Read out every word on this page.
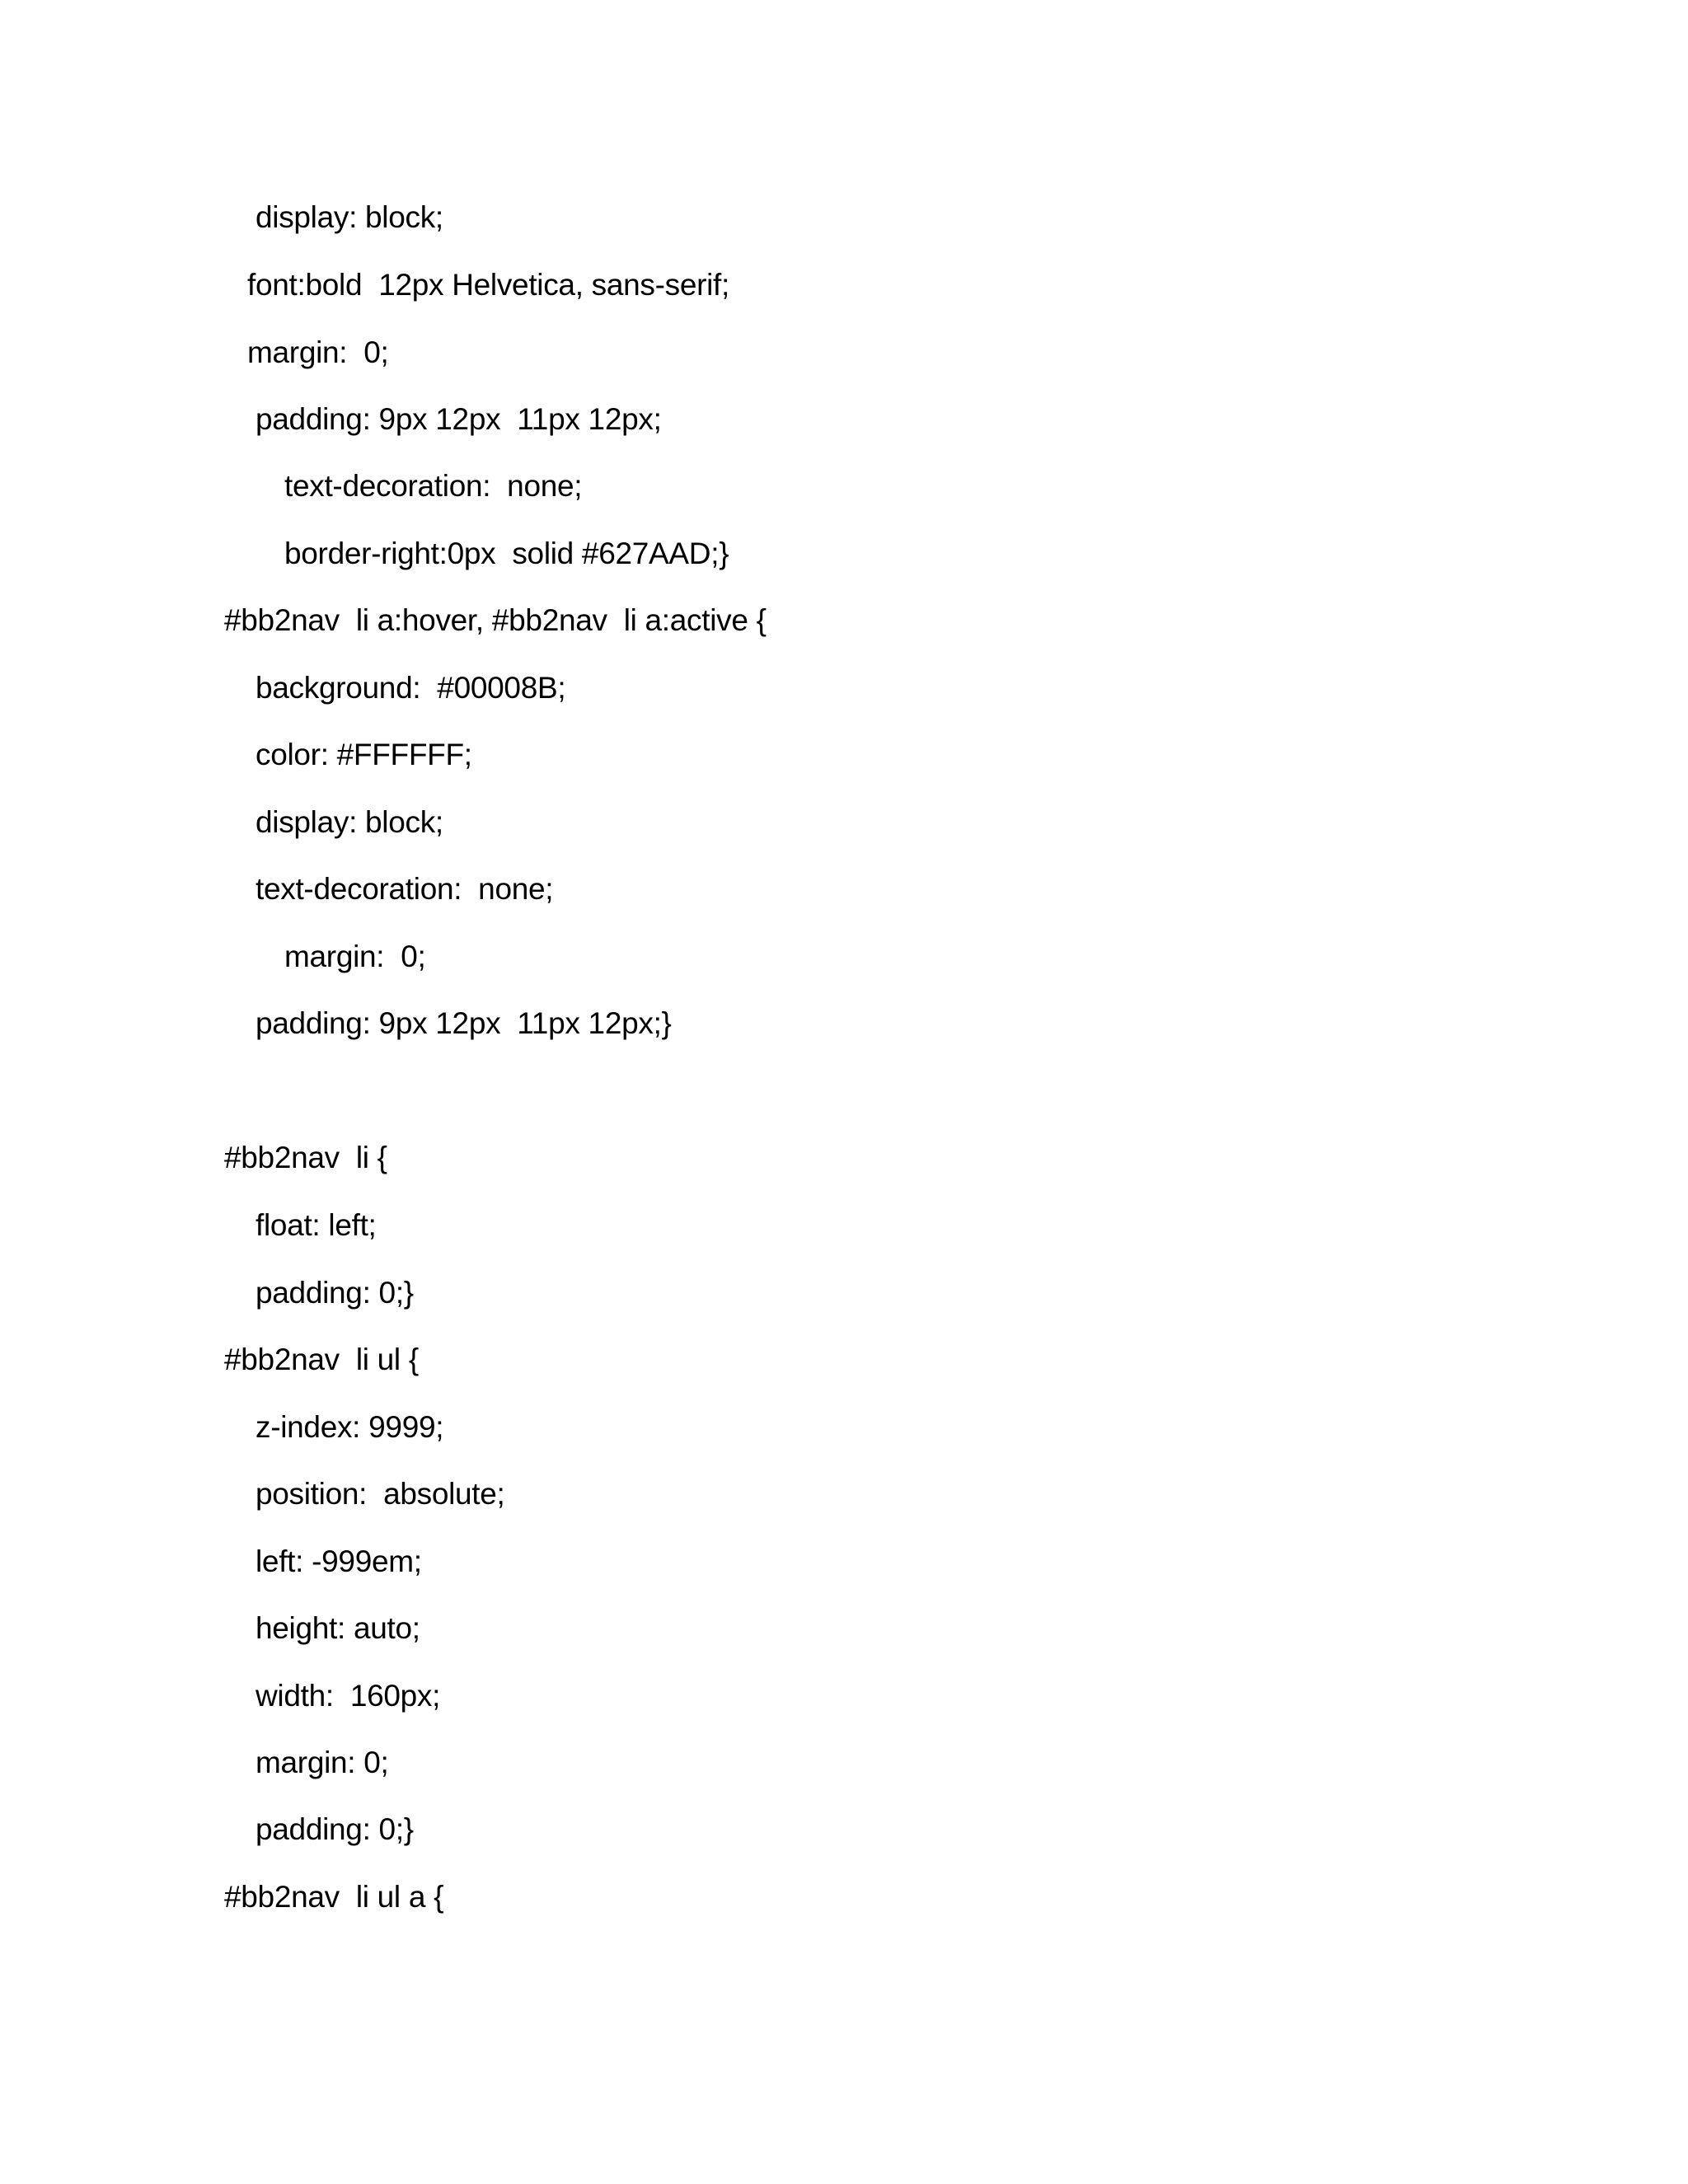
display: block;
font:bold  12px Helvetica, sans-serif;
margin:  0;
padding: 9px 12px  11px 12px;
text-decoration:  none;
border-right:0px  solid #627AAD;}
#bb2nav  li a:hover, #bb2nav  li a:active {
background:  #00008B;
color: #FFFFFF;
display: block;
text-decoration:  none;
margin:  0;
padding: 9px 12px  11px 12px;}
#bb2nav  li {
float: left;
padding: 0;}
#bb2nav  li ul {
z-index: 9999;
position:  absolute;
left: -999em;
height: auto;
width:  160px;
margin: 0;
padding: 0;}
#bb2nav  li ul a {
